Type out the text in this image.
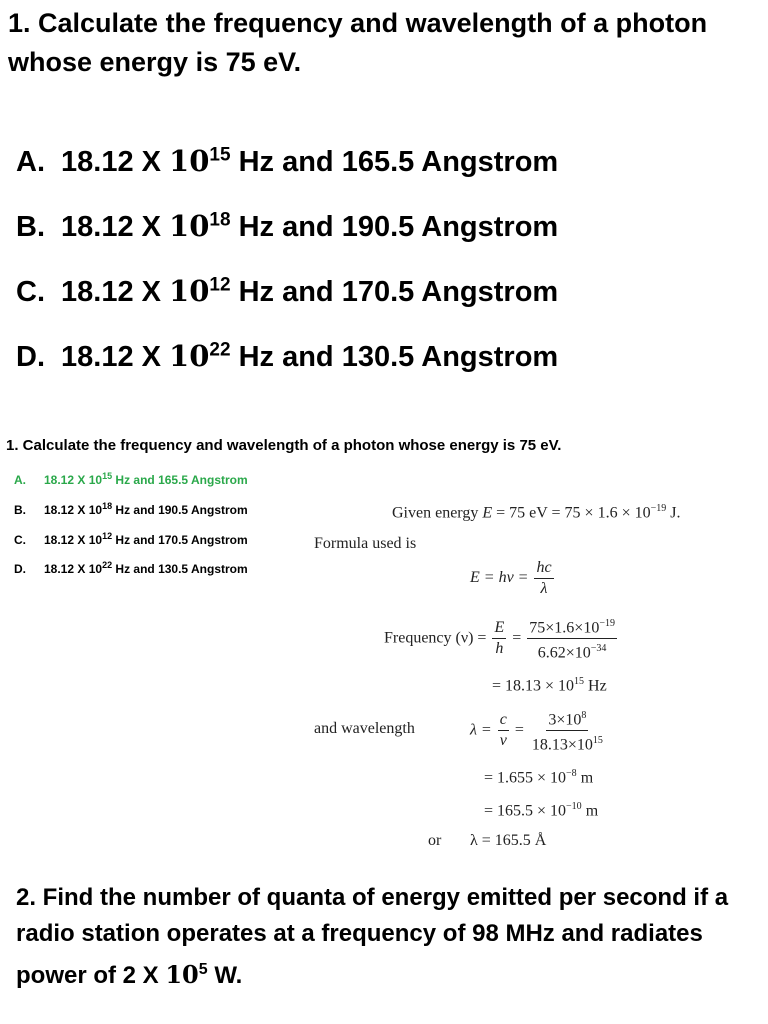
1. Calculate the frequency and wavelength of a photon whose energy is 75 eV.
A. 18.12 X $10^{15}$ Hz and 165.5 Angstrom
B. 18.12 X $10^{18}$ Hz and 190.5 Angstrom
C. 18.12 X $10^{12}$ Hz and 170.5 Angstrom
D. 18.12 X $10^{22}$ Hz and 130.5 Angstrom
1. Calculate the frequency and wavelength of a photon whose energy is 75 eV.
A. 18.12 X $10^{15}$ Hz and 165.5 Angstrom
B. 18.12 X $10^{18}$ Hz and 190.5 Angstrom
C. 18.12 X $10^{12}$ Hz and 170.5 Angstrom
D. 18.12 X $10^{22}$ Hz and 130.5 Angstrom
Given energy E = 75 eV = $75 \times 1.6 \times 10^{-19}$ J.
Formula used is
$E = h\nu = \frac{hc}{\lambda}$
Frequency $(\nu) = \frac{E}{h} = \frac{75\times 1.6\times 10^{-19}}{6.62\times 10^{-34}}$
= $18.13 \times 10^{15}$ Hz
and wavelength	$\lambda = \frac{c}{\nu} = \frac{3\times 10^8}{18.13\times 10^{15}}$
= $1.655 \times 10^{-8}$ m
= $165.5 \times 10^{-10}$ m
or λ = 165.5 Å
2. Find the number of quanta of energy emitted per second if a radio station operates at a frequency of 98 MHz and radiates power of 2 X $10^5$ W.
